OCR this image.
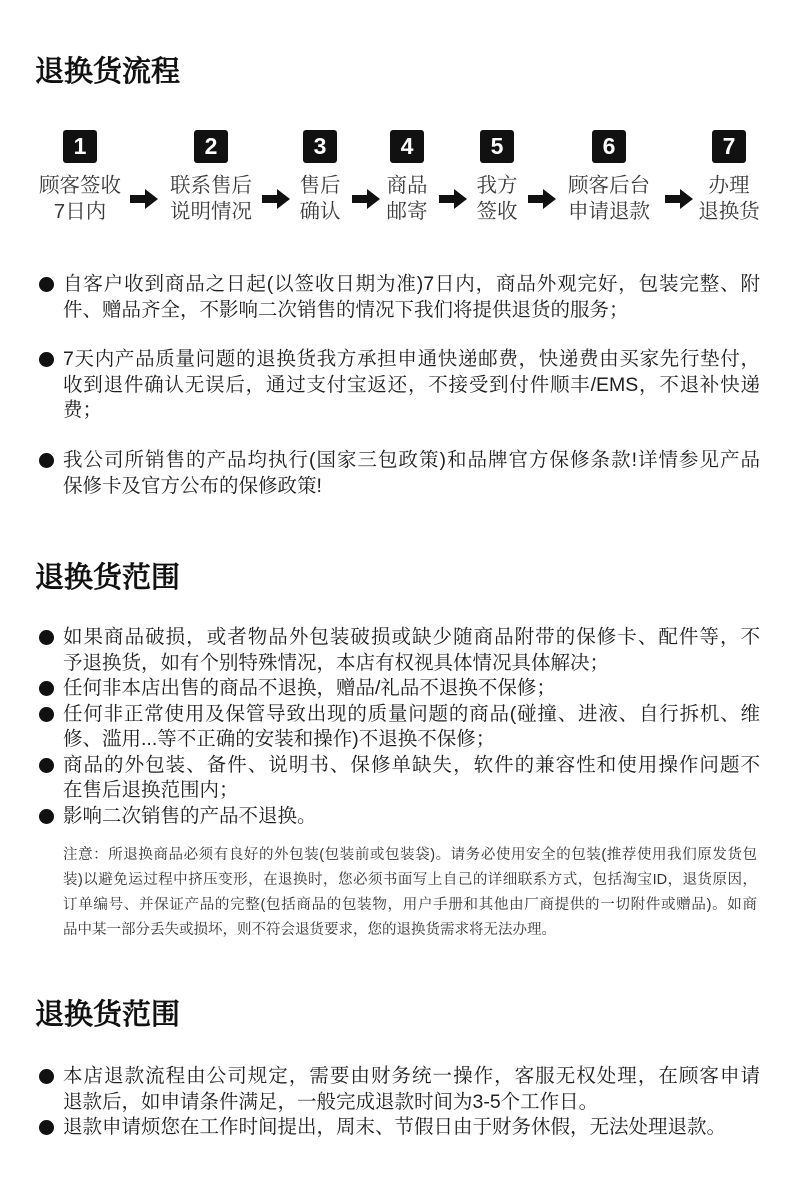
退换货流程
1
顾客签收
7日内
2
联系售后
说明情况
3
售后
确认
4
商品
邮寄
5
我方
签收
6
顾客后台
申请退款
7
办理
退换货
自客户收到商品之日起(以签收日期为准)7日内，商品外观完好，包装完整、附
件、赠品齐全，不影响二次销售的情况下我们将提供退货的服务；
7天内产品质量问题的退换货我方承担申通快递邮费，快递费由买家先行垫付，
收到退件确认无误后，通过支付宝返还，不接受到付件顺丰/EMS，不退补快递
费；
我公司所销售的产品均执行(国家三包政策)和品牌官方保修条款!详情参见产品
保修卡及官方公布的保修政策!
退换货范围
如果商品破损，或者物品外包装破损或缺少随商品附带的保修卡、配件等，不
予退换货，如有个别特殊情况，本店有权视具体情况具体解决；
任何非本店出售的商品不退换，赠品/礼品不退换不保修；
任何非正常使用及保管导致出现的质量问题的商品(碰撞、进液、自行拆机、维
修、滥用...等不正确的安装和操作)不退换不保修；
商品的外包装、备件、说明书、保修单缺失，软件的兼容性和使用操作问题不
在售后退换范围内；
影响二次销售的产品不退换。
注意：所退换商品必须有良好的外包装(包装前或包装袋)。请务必使用安全的包装(推荐使用我们原发货包
装)以避免运过程中挤压变形，在退换时，您必须书面写上自己的详细联系方式，包括淘宝ID，退货原因，
订单编号、并保证产品的完整(包括商品的包装物，用户手册和其他由厂商提供的一切附件或赠品)。如商
品中某一部分丢失或损坏，则不符会退货要求，您的退换货需求将无法办理。
退换货范围
本店退款流程由公司规定，需要由财务统一操作，客服无权处理，在顾客申请
退款后，如申请条件满足，一般完成退款时间为3-5个工作日。
退款申请烦您在工作时间提出，周末、节假日由于财务休假，无法处理退款。
